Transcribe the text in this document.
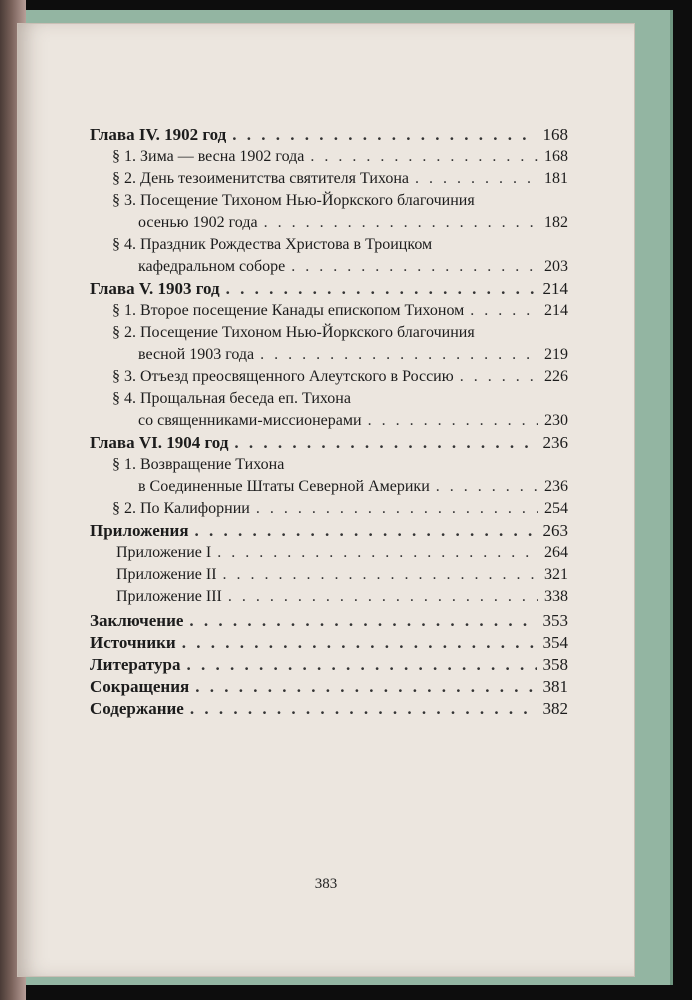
Глава IV. 1902 год . . .	168
§ 1. Зима — весна 1902 года . . .	168
§ 2. День тезоименитства святителя Тихона . . .	181
§ 3. Посещение Тихоном Нью-Йоркского благочиния
осенью 1902 года . . .	182
§ 4. Праздник Рождества Христова в Троицком
кафедральном соборе . . .	203
Глава V. 1903 год . . .	214
§ 1. Второе посещение Канады епископом Тихоном . . .	214
§ 2. Посещение Тихоном Нью-Йоркского благочиния
весной 1903 года . . .	219
§ 3. Отъезд преосвященного Алеутского в Россию . . .	226
§ 4. Прощальная беседа еп. Тихона
со священниками-миссионерами . . .	230
Глава VI. 1904 год . . .	236
§ 1. Возвращение Тихона
в Соединенные Штаты Северной Америки . . .	236
§ 2. По Калифорнии . . .	254
Приложения . . .	263
Приложение I . . .	264
Приложение II . . .	321
Приложение III . . .	338
Заключение . . .	353
Источники . . .	354
Литература . . .	358
Сокращения . . .	381
Содержание . . .	382
383
